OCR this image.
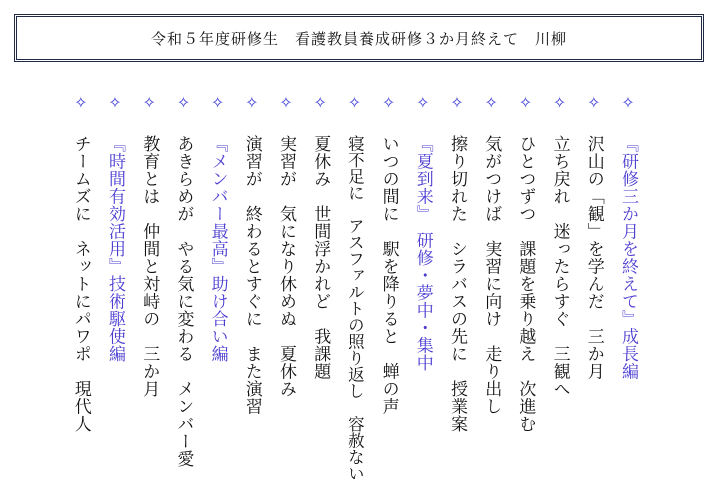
令和５年度研修生　看護教員養成研修３か月終えて　川柳
✧
『研修三か月を終えて』成長編
✧
沢山の「観」を学んだ　三か月
✧
立ち戻れ　迷ったらすぐ　三観へ
✧
ひとつずつ　課題を乗り越え　次進む
✧
気がつけば　実習に向け　走り出し
✧
擦り切れた　シラバスの先に　授業案
✧
『夏到来』　研修・夢中・集中
✧
いつの間に　駅を降りると　蝉の声
✧
寝不足に　アスファルトの照り返し　容赦ない
✧
夏休み　世間浮かれど　我課題
✧
実習が　気になり休めぬ　夏休み
✧
演習が　終わるとすぐに　また演習
✧
『メンバー最高』助け合い編
✧
あきらめが　やる気に変わる　メンバー愛
✧
教育とは　仲間と対峙の　三か月
✧
『時間有効活用』技術駆使編
✧
チームズに　ネットにパワポ　現代人
